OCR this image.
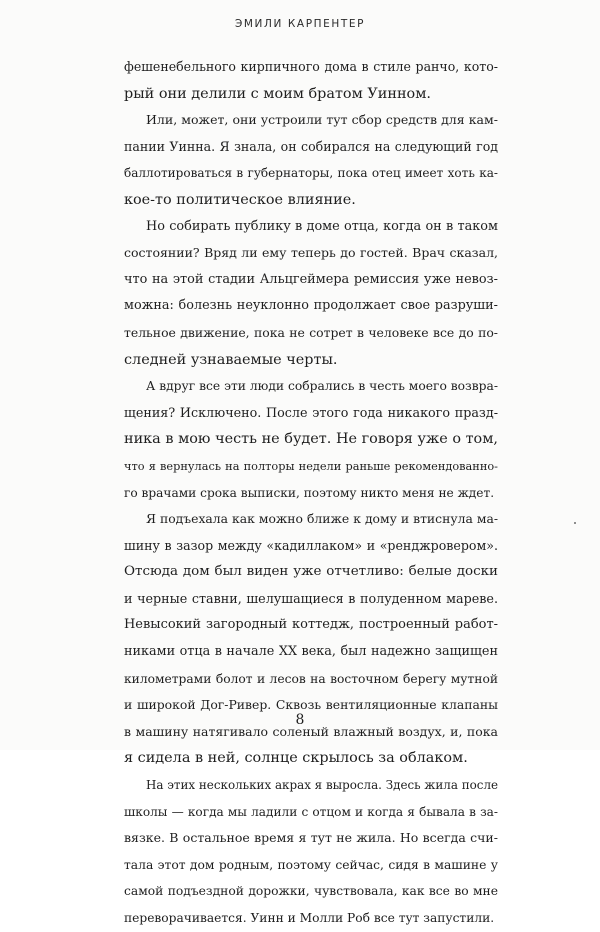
ЭМИЛИ КАРПЕНТЕР
фешенебельного кирпичного дома в стиле ранчо, кото-
рый они делили с моим братом Уинном.
Или, может, они устроили тут сбор средств для кам-
пании Уинна. Я знала, он собирался на следующий год
баллотироваться в губернаторы, пока отец имеет хоть ка-
кое-то политическое влияние.
Но собирать публику в доме отца, когда он в таком
состоянии? Вряд ли ему теперь до гостей. Врач сказал,
что на этой стадии Альцгеймера ремиссия уже невоз-
можна: болезнь неуклонно продолжает свое разруши-
тельное движение, пока не сотрет в человеке все до по-
следней узнаваемые черты.
А вдруг все эти люди собрались в честь моего возвра-
щения? Исключено. После этого года никакого празд-
ника в мою честь не будет. Не говоря уже о том,
что я вернулась на полторы недели раньше рекомендованно-
го врачами срока выписки, поэтому никто меня не ждет.
Я подъехала как можно ближе к дому и втиснула ма-
шину в зазор между «кадиллаком» и «ренджровером».
Отсюда дом был виден уже отчетливо: белые доски
и черные ставни, шелушащиеся в полуденном мареве.
Невысокий загородный коттедж, построенный работ-
никами отца в начале XX века, был надежно защищен
километрами болот и лесов на восточном берегу мутной
и широкой Дог-Ривер. Сквозь вентиляционные клапаны
в машину натягивало соленый влажный воздух, и, пока
я сидела в ней, солнце скрылось за облаком.
На этих нескольких акрах я выросла. Здесь жила после
школы — когда мы ладили с отцом и когда я бывала в за-
вязке. В остальное время я тут не жила. Но всегда счи-
тала этот дом родным, поэтому сейчас, сидя в машине у
самой подъездной дорожки, чувствовала, как все во мне
переворачивается. Уинн и Молли Роб все тут запустили.
8
